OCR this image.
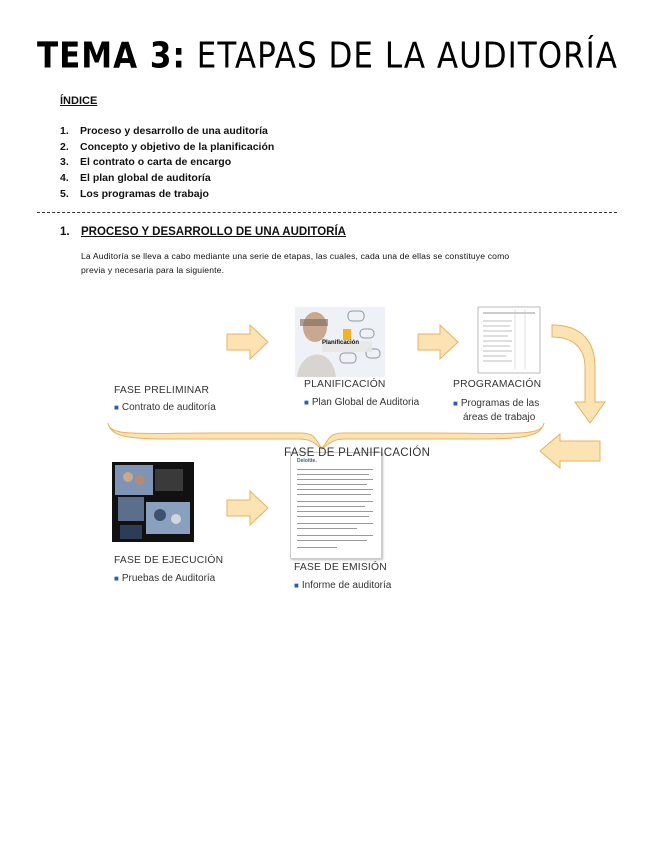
TEMA 3: ETAPAS DE LA AUDITORÍA
ÍNDICE
1. Proceso y desarrollo de una auditoría
2. Concepto y objetivo de la planificación
3. El contrato o carta de encargo
4. El plan global de auditoría
5. Los programas de trabajo
1. PROCESO Y DESARROLLO DE UNA AUDITORÍA
La Auditoría se lleva a cabo mediante una serie de etapas, las cuales, cada una de ellas se constituye como
previa y necesaria para la siguiente.
Planificación
Deloitte.
FASE PRELIMINAR
■ Contrato de auditoría
PLANIFICACIÓN
■ Plan Global de Auditoria
PROGRAMACIÓN
■ Programas de las
áreas de trabajo
FASE DE PLANIFICACIÓN
FASE DE EJECUCIÓN
■ Pruebas de Auditoría
FASE DE EMISIÓN
■ Informe de auditoría
